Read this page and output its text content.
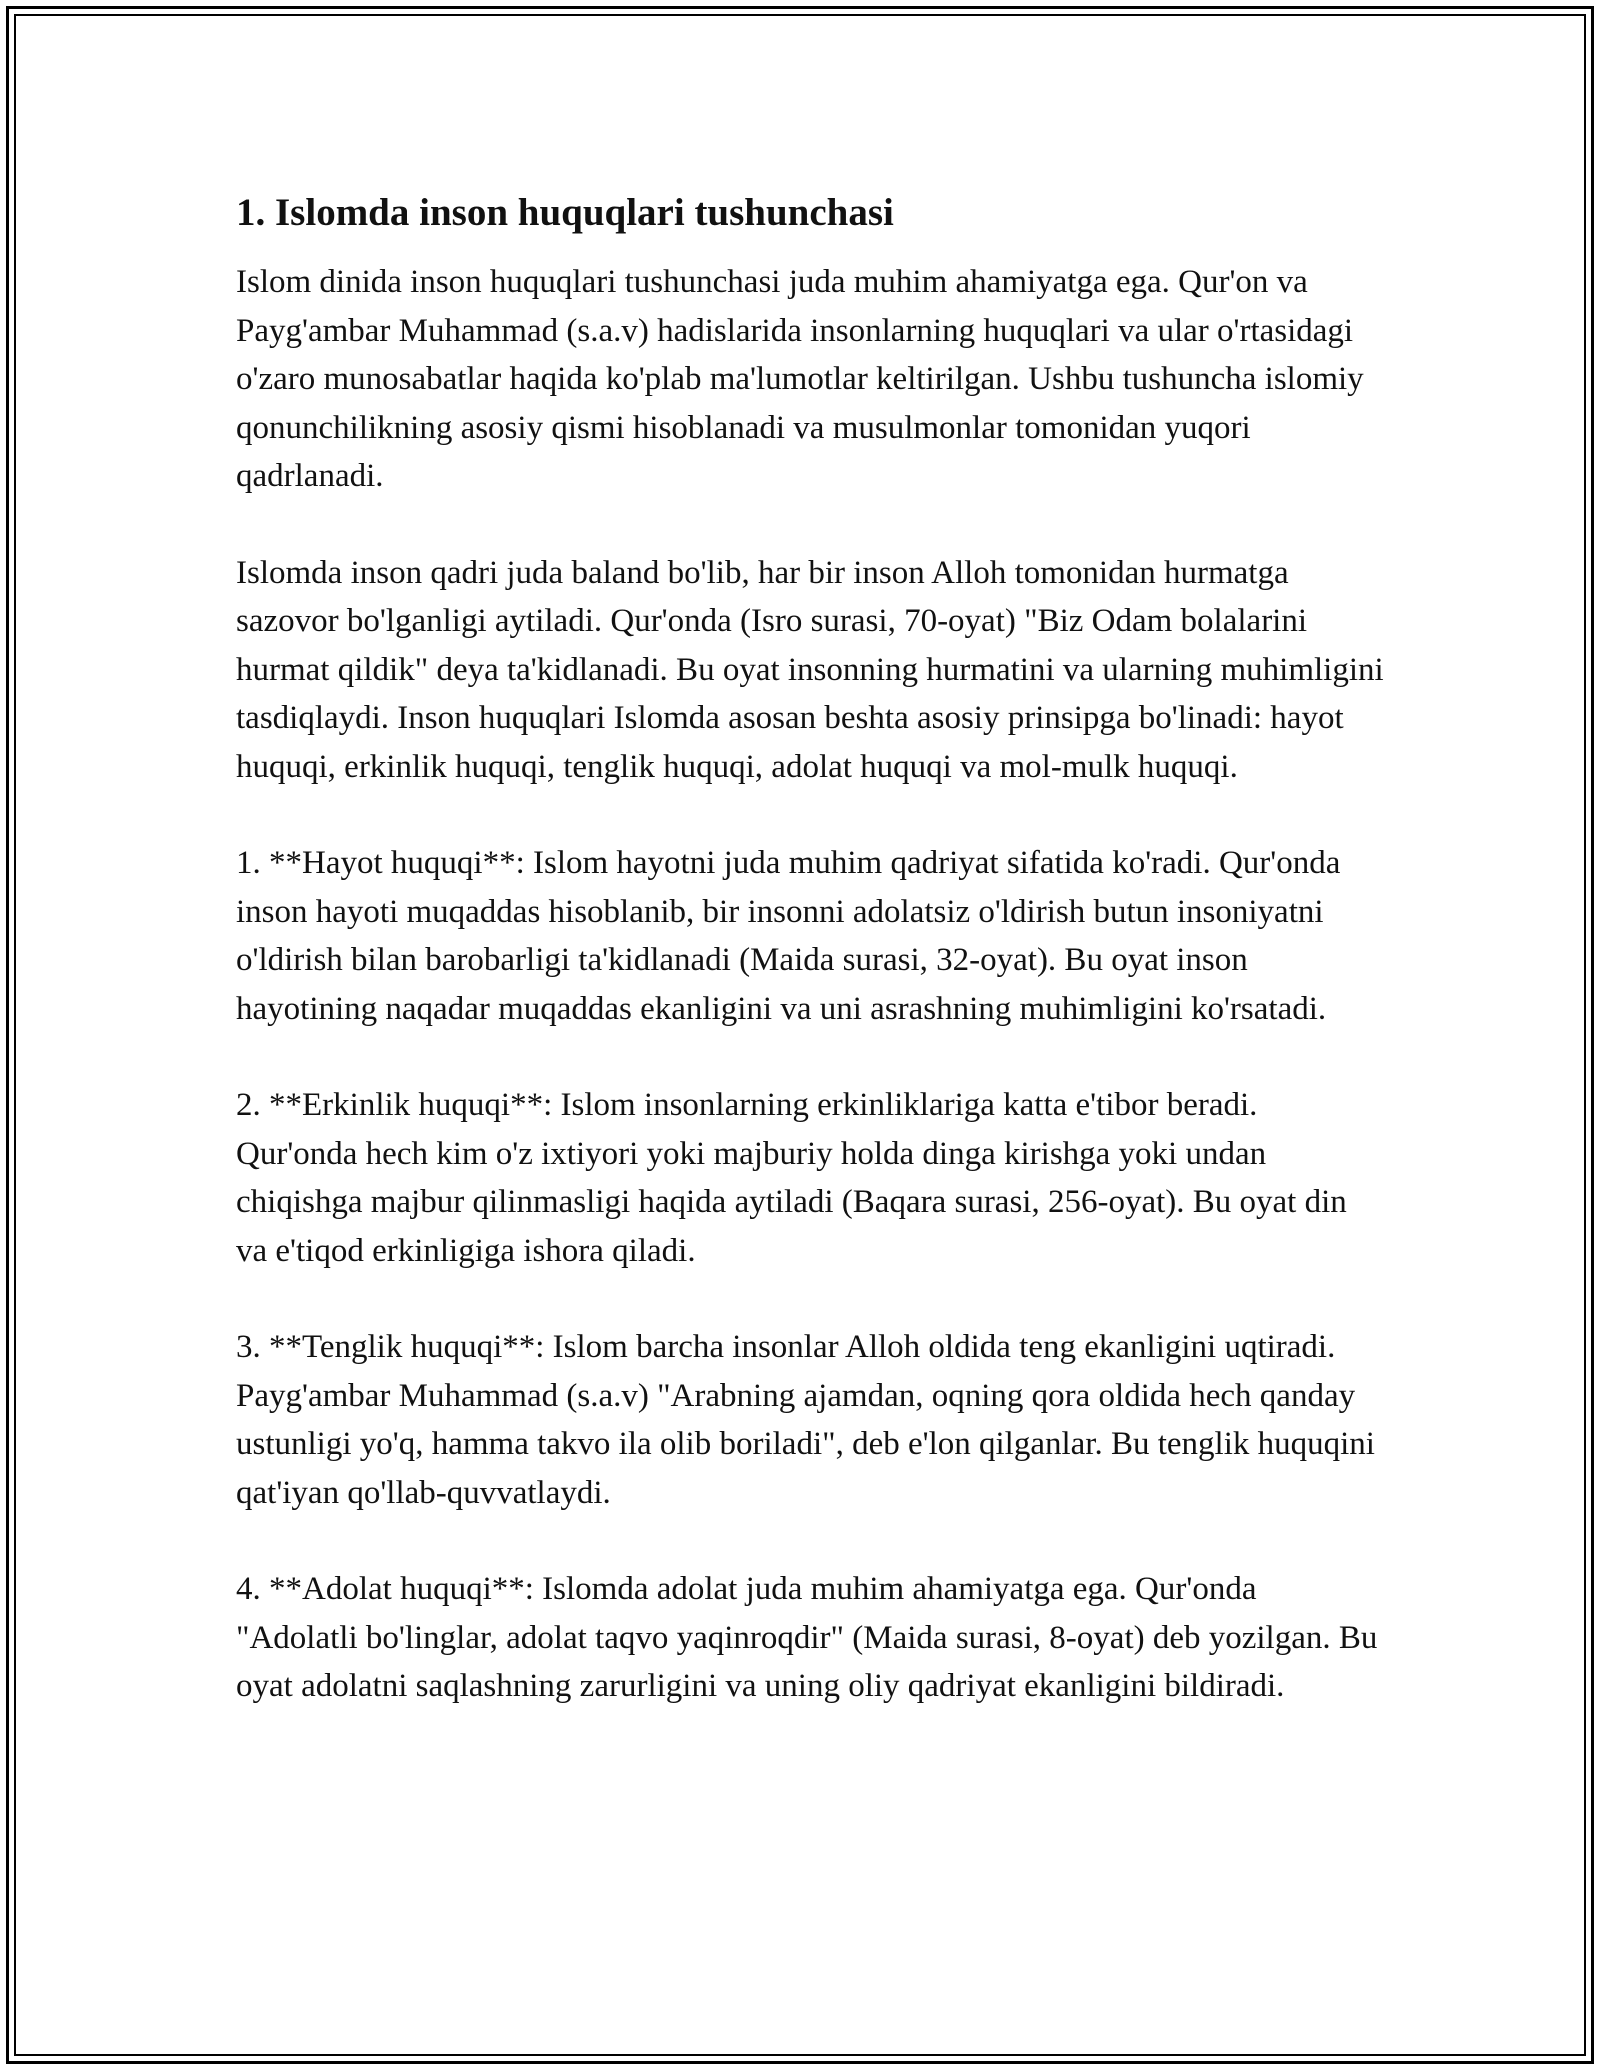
1. Islomda inson huquqlari tushunchasi

Islom dinida inson huquqlari tushunchasi juda muhim ahamiyatga ega. Qur'on va Payg'ambar Muhammad (s.a.v) hadislarida insonlarning huquqlari va ular o'rtasidagi o'zaro munosabatlar haqida ko'plab ma'lumotlar keltirilgan. Ushbu tushuncha islomiy qonunchilikning asosiy qismi hisoblanadi va musulmonlar tomonidan yuqori qadrlanadi.

Islomda inson qadri juda baland bo'lib, har bir inson Alloh tomonidan hurmatga sazovor bo'lganligi aytiladi. Qur'onda (Isro surasi, 70-oyat) "Biz Odam bolalarini hurmat qildik" deya ta'kidlanadi. Bu oyat insonning hurmatini va ularning muhimligini tasdiqlaydi. Inson huquqlari Islomda asosan beshta asosiy prinsipga bo'linadi: hayot huquqi, erkinlik huquqi, tenglik huquqi, adolat huquqi va mol-mulk huquqi.

1. **Hayot huquqi**: Islom hayotni juda muhim qadriyat sifatida ko'radi. Qur'onda inson hayoti muqaddas hisoblanib, bir insonni adolatsiz o'ldirish butun insoniyatni o'ldirish bilan barobarligi ta'kidlanadi (Maida surasi, 32-oyat). Bu oyat inson hayotining naqadar muqaddas ekanligini va uni asrashning muhimligini ko'rsatadi.

2. **Erkinlik huquqi**: Islom insonlarning erkinliklariga katta e'tibor beradi. Qur'onda hech kim o'z ixtiyori yoki majburiy holda dinga kirishga yoki undan chiqishga majbur qilinmasligi haqida aytiladi (Baqara surasi, 256-oyat). Bu oyat din va e'tiqod erkinligiga ishora qiladi.

3. **Tenglik huquqi**: Islom barcha insonlar Alloh oldida teng ekanligini uqtiradi. Payg'ambar Muhammad (s.a.v) "Arabning ajamdan, oqning qora oldida hech qanday ustunligi yo'q, hamma takvo ila olib boriladi", deb e'lon qilganlar. Bu tenglik huquqini qat'iyan qo'llab-quvvatlaydi.

4. **Adolat huquqi**: Islomda adolat juda muhim ahamiyatga ega. Qur'onda "Adolatli bo'linglar, adolat taqvo yaqinroqdir" (Maida surasi, 8-oyat) deb yozilgan. Bu oyat adolatni saqlashning zarurligini va uning oliy qadriyat ekanligini bildiradi.
